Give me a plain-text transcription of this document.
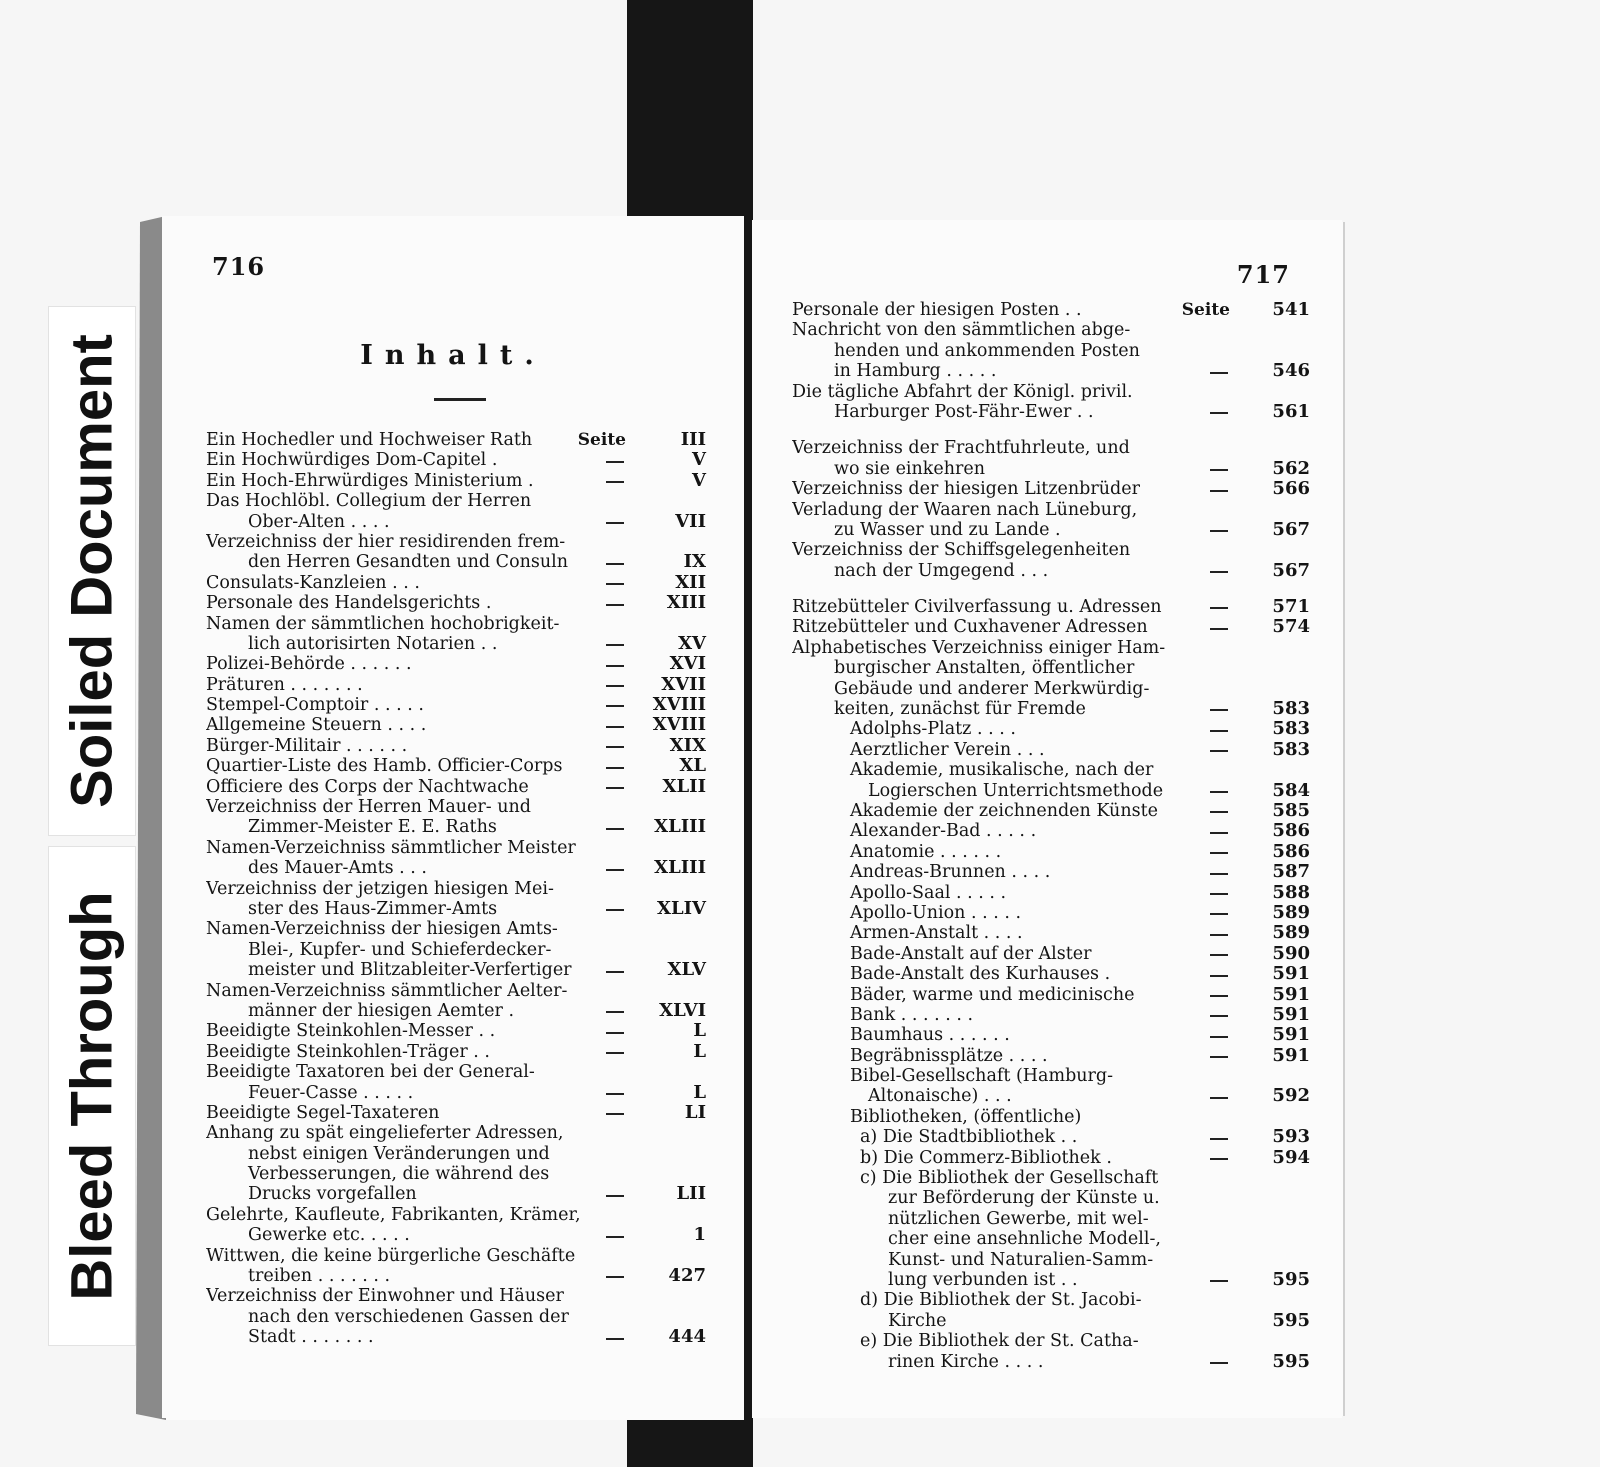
Soiled Document
Bleed Through
716
Inhalt.
Ein Hochedler und Hochweiser Rath	Seite	III
Ein Hochwürdiges Dom-Capitel .	V
Ein Hoch-Ehrwürdiges Ministerium .	V
Das Hochlöbl. Collegium der Herren
Ober-Alten . . . .	VII
Verzeichniss der hier residirenden frem-
den Herren Gesandten und Consuln	IX
Consulats-Kanzleien . . .	XII
Personale des Handelsgerichts .	XIII
Namen der sämmtlichen hochobrigkeit-
lich autorisirten Notarien . .	XV
Polizei-Behörde . . . . . .	XVI
Präturen . . . . . . .	XVII
Stempel-Comptoir . . . . .	XVIII
Allgemeine Steuern . . . .	XVIII
Bürger-Militair . . . . . .	XIX
Quartier-Liste des Hamb. Officier-Corps	XL
Officiere des Corps der Nachtwache	XLII
Verzeichniss der Herren Mauer- und
Zimmer-Meister E. E. Raths	XLIII
Namen-Verzeichniss sämmtlicher Meister
des Mauer-Amts . . .	XLIII
Verzeichniss der jetzigen hiesigen Mei-
ster des Haus-Zimmer-Amts	XLIV
Namen-Verzeichniss der hiesigen Amts-
Blei-, Kupfer- und Schieferdecker-
meister und Blitzableiter-Verfertiger	XLV
Namen-Verzeichniss sämmtlicher Aelter-
männer der hiesigen Aemter .	XLVI
Beeidigte Steinkohlen-Messer . .	L
Beeidigte Steinkohlen-Träger . .	L
Beeidigte Taxatoren bei der General-
Feuer-Casse . . . . .	L
Beeidigte Segel-Taxateren	LI
Anhang zu spät eingelieferter Adressen,
nebst einigen Veränderungen und
Verbesserungen, die während des
Drucks vorgefallen	LII
Gelehrte, Kaufleute, Fabrikanten, Krämer,
Gewerke etc. . . . .	1
Wittwen, die keine bürgerliche Geschäfte
treiben . . . . . . .	427
Verzeichniss der Einwohner und Häuser
nach den verschiedenen Gassen der
Stadt . . . . . . .	444
717
Personale der hiesigen Posten . .	Seite	541
Nachricht von den sämmtlichen abge-
henden und ankommenden Posten
in Hamburg . . . . .	546
Die tägliche Abfahrt der Königl. privil.
Harburger Post-Fähr-Ewer . .	561
Verzeichniss der Frachtfuhrleute, und
wo sie einkehren	562
Verzeichniss der hiesigen Litzenbrüder	566
Verladung der Waaren nach Lüneburg,
zu Wasser und zu Lande .	567
Verzeichniss der Schiffsgelegenheiten
nach der Umgegend . . .	567
Ritzebütteler Civilverfassung u. Adressen	571
Ritzebütteler und Cuxhavener Adressen	574
Alphabetisches Verzeichniss einiger Ham-
burgischer Anstalten, öffentlicher
Gebäude und anderer Merkwürdig-
keiten, zunächst für Fremde	583
Adolphs-Platz . . . .	583
Aerztlicher Verein . . .	583
Akademie, musikalische, nach der
Logierschen Unterrichtsmethode	584
Akademie der zeichnenden Künste	585
Alexander-Bad . . . . .	586
Anatomie . . . . . .	586
Andreas-Brunnen . . . .	587
Apollo-Saal . . . . .	588
Apollo-Union . . . . .	589
Armen-Anstalt . . . .	589
Bade-Anstalt auf der Alster	590
Bade-Anstalt des Kurhauses .	591
Bäder, warme und medicinische	591
Bank . . . . . . .	591
Baumhaus . . . . . .	591
Begräbnissplätze . . . .	591
Bibel-Gesellschaft (Hamburg-
Altonaische) . . .	592
Bibliotheken, (öffentliche)
a) Die Stadtbibliothek . .	593
b) Die Commerz-Bibliothek .	594
c) Die Bibliothek der Gesellschaft
zur Beförderung der Künste u.
nützlichen Gewerbe, mit wel-
cher eine ansehnliche Modell-,
Kunst- und Naturalien-Samm-
lung verbunden ist . .	595
d) Die Bibliothek der St. Jacobi-
Kirche	595
e) Die Bibliothek der St. Catha-
rinen Kirche . . . .	595
